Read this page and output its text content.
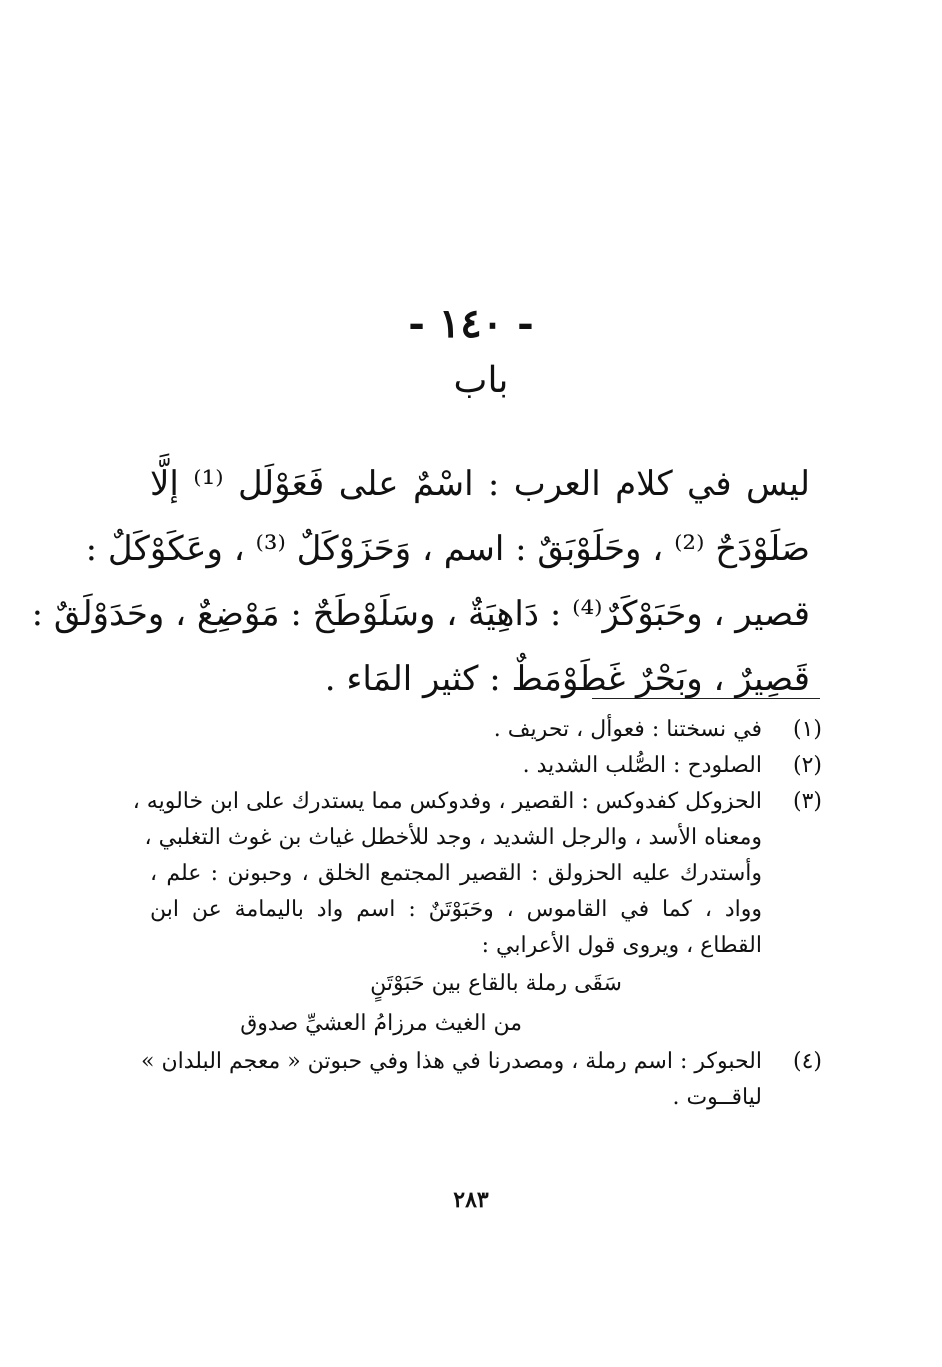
- ١٤٠ -
باب
ليس في كلام العرب : اسْمٌ على فَعَوْلَل ⁽¹⁾ إلَّا
صَلَوْدَحٌ ⁽²⁾ ، وحَلَوْبَقٌ : اسم ، وَحَزَوْكَلٌ ⁽³⁾ ، وعَكَوْكَلٌ :
قصير ، وحَبَوْكَرٌ⁽⁴⁾ : دَاهِيَةٌ ، وسَلَوْطَحٌ : مَوْضِعٌ ، وحَدَوْلَقٌ :
قَصِيرٌ ، وبَحْرٌ غَطَوْمَطٌ : كثير المَاء .
(١)
في نسختنا : فعوأل ، تحريف .
(٢)
الصلودح : الصُّلب الشديد .
(٣)
الحزوكل كفدوكس : القصير ، وفدوكس مما يستدرك على ابن خالويه ،
ومعناه الأسد ، والرجل الشديد ، وجد للأخطل غياث بن غوث التغلبي ،
وأستدرك عليه الحزولق : القصير المجتمع الخلق ، وحبونن : علم ،
وواد ، كما في القاموس ، وحَبَوْتَنٌ : اسم واد باليمامة عن ابن
القطاع ، ويروى قول الأعرابي :
سَقَى رملة بالقاع بين حَبَوْتَنٍ
من الغيث مرزامُ العشيِّ صدوق
(٤)
الحبوكر : اسم رملة ، ومصدرنا في هذا وفي حبوتن « معجم البلدان »
لياقــوت .
٢٨٣
